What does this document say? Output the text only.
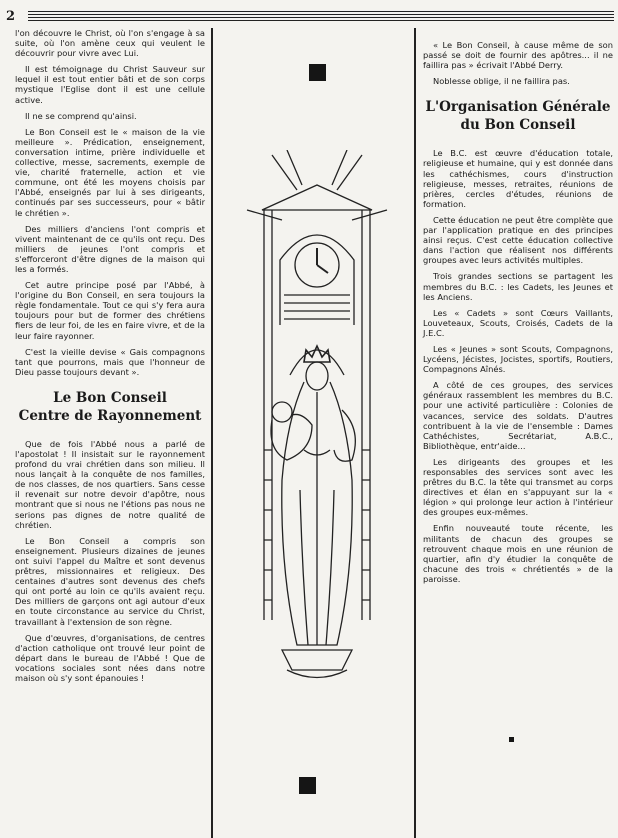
2

l'on découvre le Christ, où l'on s'engage à sa suite, où l'on amène ceux qui veulent le découvrir pour vivre avec Lui.

Il est témoignage du Christ Sauveur sur lequel il est tout entier bâti et de son corps mystique l'Eglise dont il est une cellule active.

Il ne se comprend qu'ainsi.

Le Bon Conseil est le « maison de la vie meilleure ». Prédication, enseignement, conversation intime, prière individuelle et collective, messe, sacrements, exemple de vie, charité fraternelle, action et vie commune, ont été les moyens choisis par l'Abbé, enseignés par lui à ses dirigeants, continués par ses successeurs, pour « bâtir le chrétien ».

Des milliers d'anciens l'ont compris et vivent maintenant de ce qu'ils ont reçu. Des milliers de jeunes l'ont compris et s'efforceront d'être dignes de la maison qui les a formés.

Cet autre principe posé par l'Abbé, à l'origine du Bon Conseil, en sera toujours la règle fondamentale. Tout ce qui s'y fera aura toujours pour but de former des chrétiens fiers de leur foi, de les en faire vivre, et de la leur faire rayonner.

C'est la vieille devise « Gais compagnons tant que pourrons, mais que l'honneur de Dieu passe toujours devant ».

Le Bon Conseil
Centre de Rayonnement

Que de fois l'Abbé nous a parlé de l'apostolat ! Il insistait sur le rayonnement profond du vrai chrétien dans son milieu. Il nous lançait à la conquête de nos familles, de nos classes, de nos quartiers. Sans cesse il revenait sur notre devoir d'apôtre, nous montrant que si nous ne l'étions pas nous ne serions pas dignes de notre qualité de chrétien.

Le Bon Conseil a compris son enseignement. Plusieurs dizaines de jeunes ont suivi l'appel du Maître et sont devenus prêtres, missionnaires et religieux. Des centaines d'autres sont devenus des chefs qui ont porté au loin ce qu'ils avaient reçu. Des milliers de garçons ont agi autour d'eux en toute circonstance au service du Christ, travaillant à l'extension de son règne.

Que d'œuvres, d'organisations, de centres d'action catholique ont trouvé leur point de départ dans le bureau de l'Abbé ! Que de vocations sociales sont nées dans notre maison où s'y sont épanouies !

« Le Bon Conseil, à cause même de son passé se doit de fournir des apôtres... il ne faillira pas » écrivait l'Abbé Derry.

Noblesse oblige, il ne faillira pas.

L'Organisation Générale
du Bon Conseil

Le B.C. est œuvre d'éducation totale, religieuse et humaine, qui y est donnée dans les cathéchismes, cours d'instruction religieuse, messes, retraites, réunions de prières, cercles d'études, réunions de formation.

Cette éducation ne peut être complète que par l'application pratique en des principes ainsi reçus. C'est cette éducation collective dans l'action que réalisent nos différents groupes avec leurs activités multiples.

Trois grandes sections se partagent les membres du B.C. : les Cadets, les Jeunes et les Anciens.

Les « Cadets » sont Cœurs Vaillants, Louveteaux, Scouts, Croisés, Cadets de la J.E.C.

Les « Jeunes » sont Scouts, Compagnons, Lycéens, Jécistes, Jocistes, sportifs, Routiers, Compagnons Aînés.

A côté de ces groupes, des services généraux rassemblent les membres du B.C. pour une activité particulière : Colonies de vacances, service des soldats. D'autres contribuent à la vie de l'ensemble : Dames Cathéchistes, Secrétariat, A.B.C., Bibliothèque, entr'aide...

Les dirigeants des groupes et les responsables des services sont avec les prêtres du B.C. la tête qui transmet au corps directives et élan en s'appuyant sur la « légion » qui prolonge leur action à l'intérieur des groupes eux-mêmes.

Enfin nouveauté toute récente, les militants de chacun des groupes se retrouvent chaque mois en une réunion de quartier, afin d'y étudier la conquête de chacune des trois « chrétientés » de la paroisse.
